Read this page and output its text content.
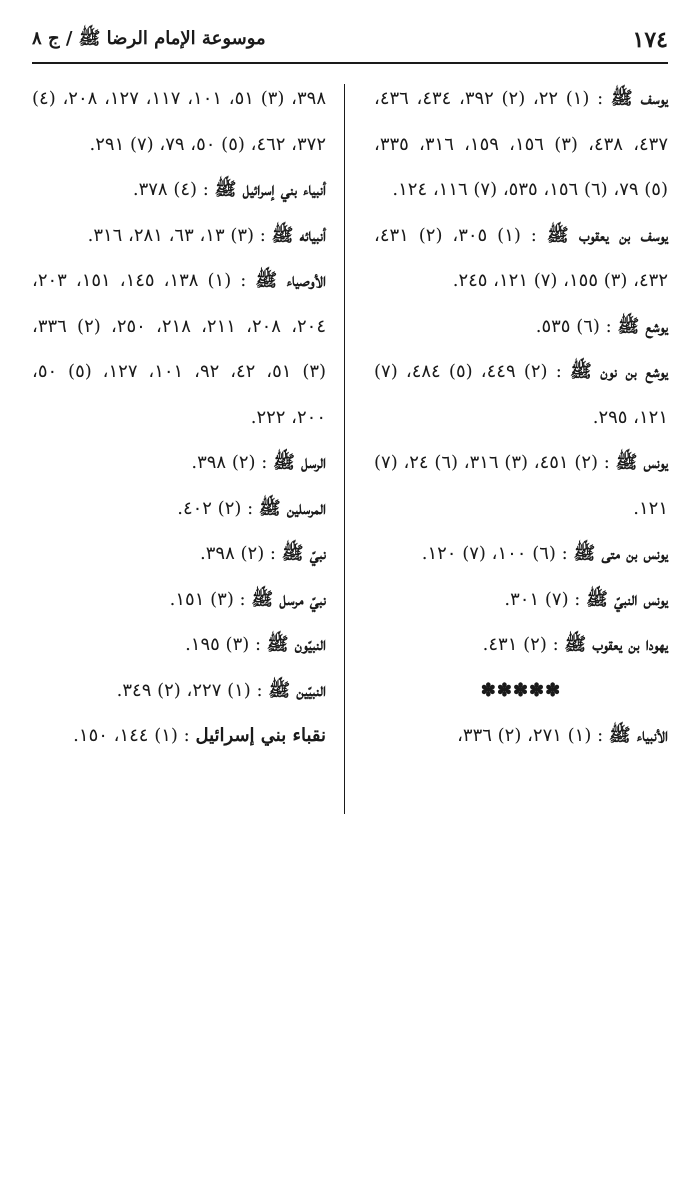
١٧٤
موسوعة الإمام الرضا ﷺ / ج ٨

يوسف ﷺ : (١) ٢٢، (٢) ٣٩٢، ٤٣٤، ٤٣٦، ٤٣٧، ٤٣٨، (٣) ١٥٦، ١٥٩، ٣١٦، ٣٣٥، (٥) ٧٩، (٦) ١٥٦، ٥٣٥، (٧) ١١٦، ١٢٤.

يوسف بن يعقوب ﷺ : (١) ٣٠٥، (٢) ٤٣١، ٤٣٢، (٣) ١٥٥، (٧) ١٢١، ٢٤٥.

يوشع ﷺ : (٦) ٥٣٥.

يوشع بن نون ﷺ : (٢) ٤٤٩، (٥) ٤٨٤، (٧) ١٢١، ٢٩٥.

يونس ﷺ : (٢) ٤٥١، (٣) ٣١٦، (٦) ٢٤، (٧) ١٢١.

يونس بن متى ﷺ : (٦) ١٠٠، (٧) ١٢٠.

يونس النبيّ ﷺ : (٧) ٣٠١.

يهودا بن يعقوب ﷺ : (٢) ٤٣١.

✽✽✽✽✽

الأنبياء ﷺ : (١) ٢٧١، (٢) ٣٣٦،

٣٩٨، (٣) ٥١، ١٠١، ١١٧، ١٢٧، ٢٠٨، (٤) ٣٧٢، ٤٦٢، (٥) ٥٠، ٧٩، (٧) ٢٩١.

أنبياء بني إسرائيل ﷺ : (٤) ٣٧٨.

أنبيائه ﷺ : (٣) ١٣، ٦٣، ٢٨١، ٣١٦.

الأوصياء ﷺ : (١) ١٣٨، ١٤٥، ١٥١، ٢٠٣، ٢٠٤، ٢٠٨، ٢١١، ٢١٨، ٢٥٠، (٢) ٣٣٦، (٣) ٥١، ٤٢، ٩٢، ١٠١، ١٢٧، (٥) ٥٠، ٢٠٠، ٢٢٢.

الرسل ﷺ : (٢) ٣٩٨.

المرسلين ﷺ : (٢) ٤٠٢.

نبيّ ﷺ : (٢) ٣٩٨.

نبيّ مرسل ﷺ : (٣) ١٥١.

النبيّون ﷺ : (٣) ١٩٥.

النبيّين ﷺ : (١) ٢٢٧، (٢) ٣٤٩.

نقباء بني إسرائيل : (١) ١٤٤، ١٥٠.
